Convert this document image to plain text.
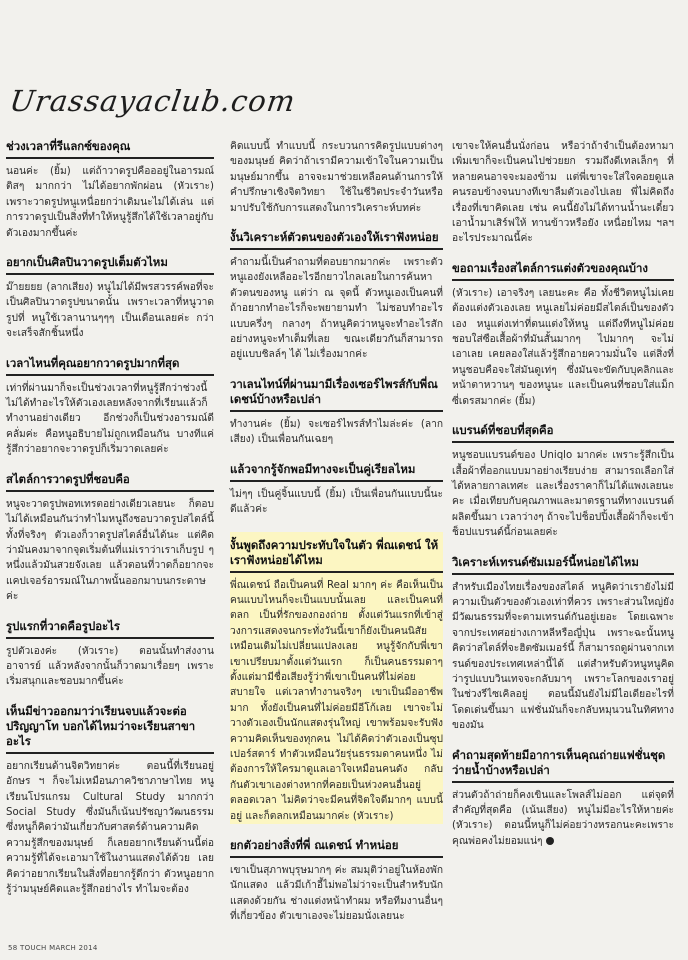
Urassayaclub.com
ช่วงเวลาที่รีแลกซ์ของคุณ
นอนค่ะ (ยิ้ม) แต่ถ้าวาดรูปคือออยู่ในอารมณ์ ติสๆ มากกว่า ไม่ได้อยากพักผ่อน (หัวเราะ) เพราะวาดรูปหนูเหนื่อยกว่าเดิมนะไม่ได้เล่น แต่การวาดรูปเป็นสิ่งที่ทำให้หนูรู้สึกได้ใช้เวลาอยู่กับตัวเองมากขึ้นค่ะ
อยากเป็นศิลปินวาดรูปเต็มตัวไหม
ม๊ายยยย (ลากเสียง) หนูไม่ได้มีพรสวรรค์พอที่จะเป็นศิลปินวาดรูปขนาดนั้น เพราะเวลาที่หนูวาดรูปที่ หนูใช้เวลานานๆๆๆ เป็นเดือนเลยค่ะ กว่าจะเสร็จสักชิ้นหนึ่ง
เวลาไหนที่คุณอยากวาดรูปมากที่สุด
เท่าที่ผ่านมาก็จะเป็นช่วงเวลาที่หนูรู้สึกว่าช่วงนี้ไม่ได้ทำอะไรให้ตัวเองเลยหลังจากที่เรียนแล้วก็ทำงานอย่างเดียว อีกช่วงก็เป็นช่วงอารมณ์ดีคลั่มค่ะ คือหนูอธิบายไม่ถูกเหมือนกัน บางทีแค่รู้สึกว่าอยากจะวาดรูปก็เริ่มวาดเลยค่ะ
สไตล์การวาดรูปที่ชอบคือ
หนูจะวาดรูปพอทเทรตอย่างเดียวเลยนะ ก็ตอบไม่ได้เหมือนกันว่าทำไมหนูถึงชอบวาดรูปสไตล์นี้ ทั้งที่จริงๆ ตัวเองก็วาดรูปสไตล์อื่นได้นะ แต่คิดว่ามันคงมาจากจุดเริ่มต้นที่แม่เราว่าเราเก็บรูป ๆ หนึ่งแล้วมันสวยจังเลย แล้วตอนที่วาดก็อยากจะแคปเจอร์อารมณ์ในภาพนั้นออกมาบนกระดาษค่ะ
รูปแรกที่วาดคือรูปอะไร
รูปตัวเองค่ะ (หัวเราะ) ตอนนั้นทำส่งงานอาจารย์ แล้วหลังจากนั้นก็วาดมาเรื่อยๆ เพราะเริ่มสนุกและชอบมากขึ้นค่ะ
เห็นมีข่าวออกมาว่าเรียนจบแล้วจะต่อปริญญาโท บอกได้ไหมว่าจะเรียนสาขาอะไร
อยากเรียนด้านจิตวิทยาค่ะ ตอนนี้ที่เรียนอยู่อักษร ฯ ก็จะไม่เหมือนภาควิชาภาษาไทย หนูเรียนโปรแกรม Cultural Study มากกว่า Social Study ซึ่งมันก็เน้นปรัชญาวัฒนธรรม ซึ่งหนูก็คิดว่ามันเกี่ยวกับศาสตร์ด้านความคิดความรู้สึกของมนุษย์ ก็เลยอยากเรียนด้านนี้ต่อ ความรู้ที่ได้จะเอามาใช้ในงานแสดงได้ด้วย เลยคิดว่าอยากเรียนในสิ่งที่อยากรู้ดีกว่า ตัวหนูอยากรู้ว่ามนุษย์คิดและรู้สึกอย่างไร ทำไมจะต้อง
คิดแบบนี้ ทำแบบนี้ กระบวนการคิดรูปแบบต่างๆ ของมนุษย์ คิดว่าถ้าเรามีความเข้าใจในความเป็นมนุษย์มากขึ้น อาจจะมาช่วยเหลือคนด้านการให้คำปรึกษาเชิงจิตวิทยา ใช้ในชีวิตประจำวันหรือมาปรับใช้กับการแสดงในการวิเคราะห์บทค่ะ
งั้นวิเคราะห์ตัวตนของตัวเองให้เราฟังหน่อย
คำถามนี้เป็นคำถามที่ตอบยากมากค่ะ เพราะตัวหนูเองยังเหลืออะไรอีกยาวไกลเลยในการค้นหาตัวตนของหนู แต่ว่า ณ จุดนี้ ตัวหนูเองเป็นคนที่ถ้าอยากทำอะไรก็จะพยายามทำ ไม่ชอบทำอะไรแบบครึ่งๆ กลางๆ ถ้าหนูคิดว่าหนูจะทำอะไรสักอย่างหนูจะทำเต็มที่เลย ขณะเดียวกันก็สามารถอยู่แบบชิลล์ๆ ได้ ไม่เรื่องมากค่ะ
วาเลนไทน์ที่ผ่านมามีเรื่องเซอร์ไพรส์กับพี่ณเดชน์บ้างหรือเปล่า
ทำงานค่ะ (ยิ้ม) จะเซอร์ไพรส์ทำไมล่ะค่ะ (ลากเสียง) เป็นเพื่อนกันเฉยๆ
แล้วจากรู้จักพอมีทางจะเป็นคู่เรียลไหม
ไม่ๆๆ เป็นคู่จิ้นแบบนี้ (ยิ้ม) เป็นเพื่อนกันแบบนี้นะ ดีแล้วค่ะ
งั้นพูดถึงความประทับใจในตัว พี่ณเดชน์ ให้เราฟังหน่อยได้ไหม
พี่ณเดชน์ ถือเป็นคนที่ Real มากๆ ค่ะ คือเห็นเป็นคนแบบไหนก็จะเป็นแบบนั้นเลย และเป็นคนที่ตลก เป็นที่รักของกองถ่าย ตั้งแต่วันแรกที่เข้าสู่วงการแสดงจนกระทั่งวันนี้เขาก็ยังเป็นคนนิสัยเหมือนเดิมไม่เปลี่ยนแปลงเลย หนูรู้จักกับพี่เขาเขาเปรียบมาตั้งแต่วันแรก ก็เป็นคนธรรมดาๆ ตั้งแต่มามีชื่อเสียงรู้ว่าพี่เขาเป็นคนที่ไม่ค่อยสบายใจ แต่เวลาทำงานจริงๆ เขาเป็นมืออาชีพมาก ทั้งยังเป็นคนที่ไม่ค่อยมีอีโก้เลย เขาจะไม่วางตัวเองเป็นนักแสดงรุ่นใหญ่ เขาพร้อมจะรับฟังความคิดเห็นของทุกคน ไม่ได้คิดว่าตัวเองเป็นซุปเปอร์สตาร์ ทำตัวเหมือนวัยรุ่นธรรมดาคนหนึ่ง ไม่ต้องการให้ใครมาดูแลเอาใจเหมือนคนดัง กลับกันตัวเขาเองต่างหากที่คอยเป็นห่วงคนอื่นอยู่ตลอดเวลา ไม่คิดว่าจะมีคนที่จิตใจดีมากๆ แบบนี้อยู่ และก็ตลกเหมือนมากค่ะ (หัวเราะ)
ยกตัวอย่างสิ่งที่พี่ ณเดชน์ ทำหน่อย
เขาเป็นสุภาพบุรุษมากๆ ค่ะ สมมุติว่าอยู่ในห้องพักนักแสดง แล้วมีเก้าอี้ไม่พอไม่ว่าจะเป็นสำหรับนักแสดงด้วยกัน ช่างแต่งหน้าทำผม หรือทีมงานอื่นๆ ที่เกี่ยวข้อง ตัวเขาเองจะไม่ยอมนั่งเลยนะ
เขาจะให้คนอื่นนั่งก่อน หรือว่าถ้าจำเป็นต้องหามาเพิ่มเขาก็จะเป็นคนไปช่วยยก รวมถึงดีเทลเล็กๆ ที่หลายคนอาจจะมองข้าม แต่พี่เขาจะใส่ใจคอยดูแลคนรอบข้างจนบางทีเขาลืมตัวเองไปเลย พี่ไม่คิดถึงเรื่องที่เขาคิดเลย เช่น คนนี้ยังไม่ได้ทานน้ำนะเดี๋ยวเอาน้ำมาเสิร์ฟให้ ทานข้าวหรือยัง เหนื่อยไหม ฯลฯ อะไรประมาณนี้ค่ะ
ขอถามเรื่องสไตล์การแต่งตัวของคุณบ้าง
(หัวเราะ) เอาจริงๆ เลยนะคะ คือ ทั้งชีวิตหนูไม่เคยต้องแต่งตัวเองเลย หนูเลยไม่ค่อยมีสไตล์เป็นของตัวเอง หนูแต่งเท่าที่ตนแต่งให้หนู แต่ถึงทีหนูไม่ค่อยชอบใส่ซือเสื้อผ้าที่มันสั้นมากๆ ไปมากๆ จะไม่เอาเลย เคยลองใส่แล้วรู้สึกอายความมั่นใจ แต่สิ่งที่หนูชอบคือจะใส่มันดูเท่ๆ ซึ่งมันจะขัดกับบุคลิกและหน้าตาหวานๆ ของหนูนะ และเป็นคนที่ชอบใส่แม็กซี่เดรสมากค่ะ (ยิ้ม)
แบรนด์ที่ชอบที่สุดคือ
หนูชอบแบรนด์ของ Uniqlo มากค่ะ เพราะรู้สึกเป็นเสื้อผ้าที่ออกแบบมาอย่างเรียบง่าย สามารถเลือกใส่ได้หลายกาลเทศะ และเรื่องราคาก็ไม่ได้แพงเลยนะคะ เมื่อเทียบกับคุณภาพและมาตรฐานที่ทางแบรนด์ผลิตขึ้นมา เวลาว่างๆ ถ้าจะไปช็อปปิ้งเสื้อผ้าก็จะเข้าช็อปแบรนด์นี้ก่อนเลยค่ะ
วิเคราะห์เทรนด์ซัมเมอร์นี้หน่อยได้ไหม
สำหรับเมืองไทยเรื่องของสไตล์ หนูคิดว่าเรายังไม่มีความเป็นตัวของตัวเองเท่าที่ควร เพราะส่วนใหญ่ยังมีวัฒนธรรมที่จะตามเทรนด์กันอยู่เยอะ โดยเฉพาะจากประเทศอย่างเกาหลีหรือญี่ปุ่น เพราะฉะนั้นหนูคิดว่าสไตล์ที่จะฮิตซัมเมอร์นี้ ก็สามารถดูผ่านจากเทรนด์ของประเทศเหล่านี้ได้ แต่สำหรับตัวหนูหนูคิดว่ารูปแบบวินเทจจะกลับมาๆ เพราะโลกของเราอยู่ในช่วงรีไซเคิลอยู่ ตอนนี้มันยังไม่มีไอเดียอะไรที่โดดเด่นขึ้นมา แฟชั่นมันก็จะกลับหมุนวนในทิศทางของมัน
คำถามสุดท้ายมีอาการเห็นคุณถ่ายแฟชั่นชุดว่ายน้ำบ้างหรือเปล่า
ส่วนตัวถ้าถ่ายก็คงเขินและโพลส์ไม่ออก แต่จุดที่สำคัญที่สุดคือ (เน้นเสียง) หนูไม่มีอะไรให้หายค่ะ (หัวเราะ) ตอนนี้หนูก็ไม่ค่อยว่างหรอกนะคะเพราะคุณพ่อคงไม่ยอมแน่ๆ
58 TOUCH MARCH 2014
